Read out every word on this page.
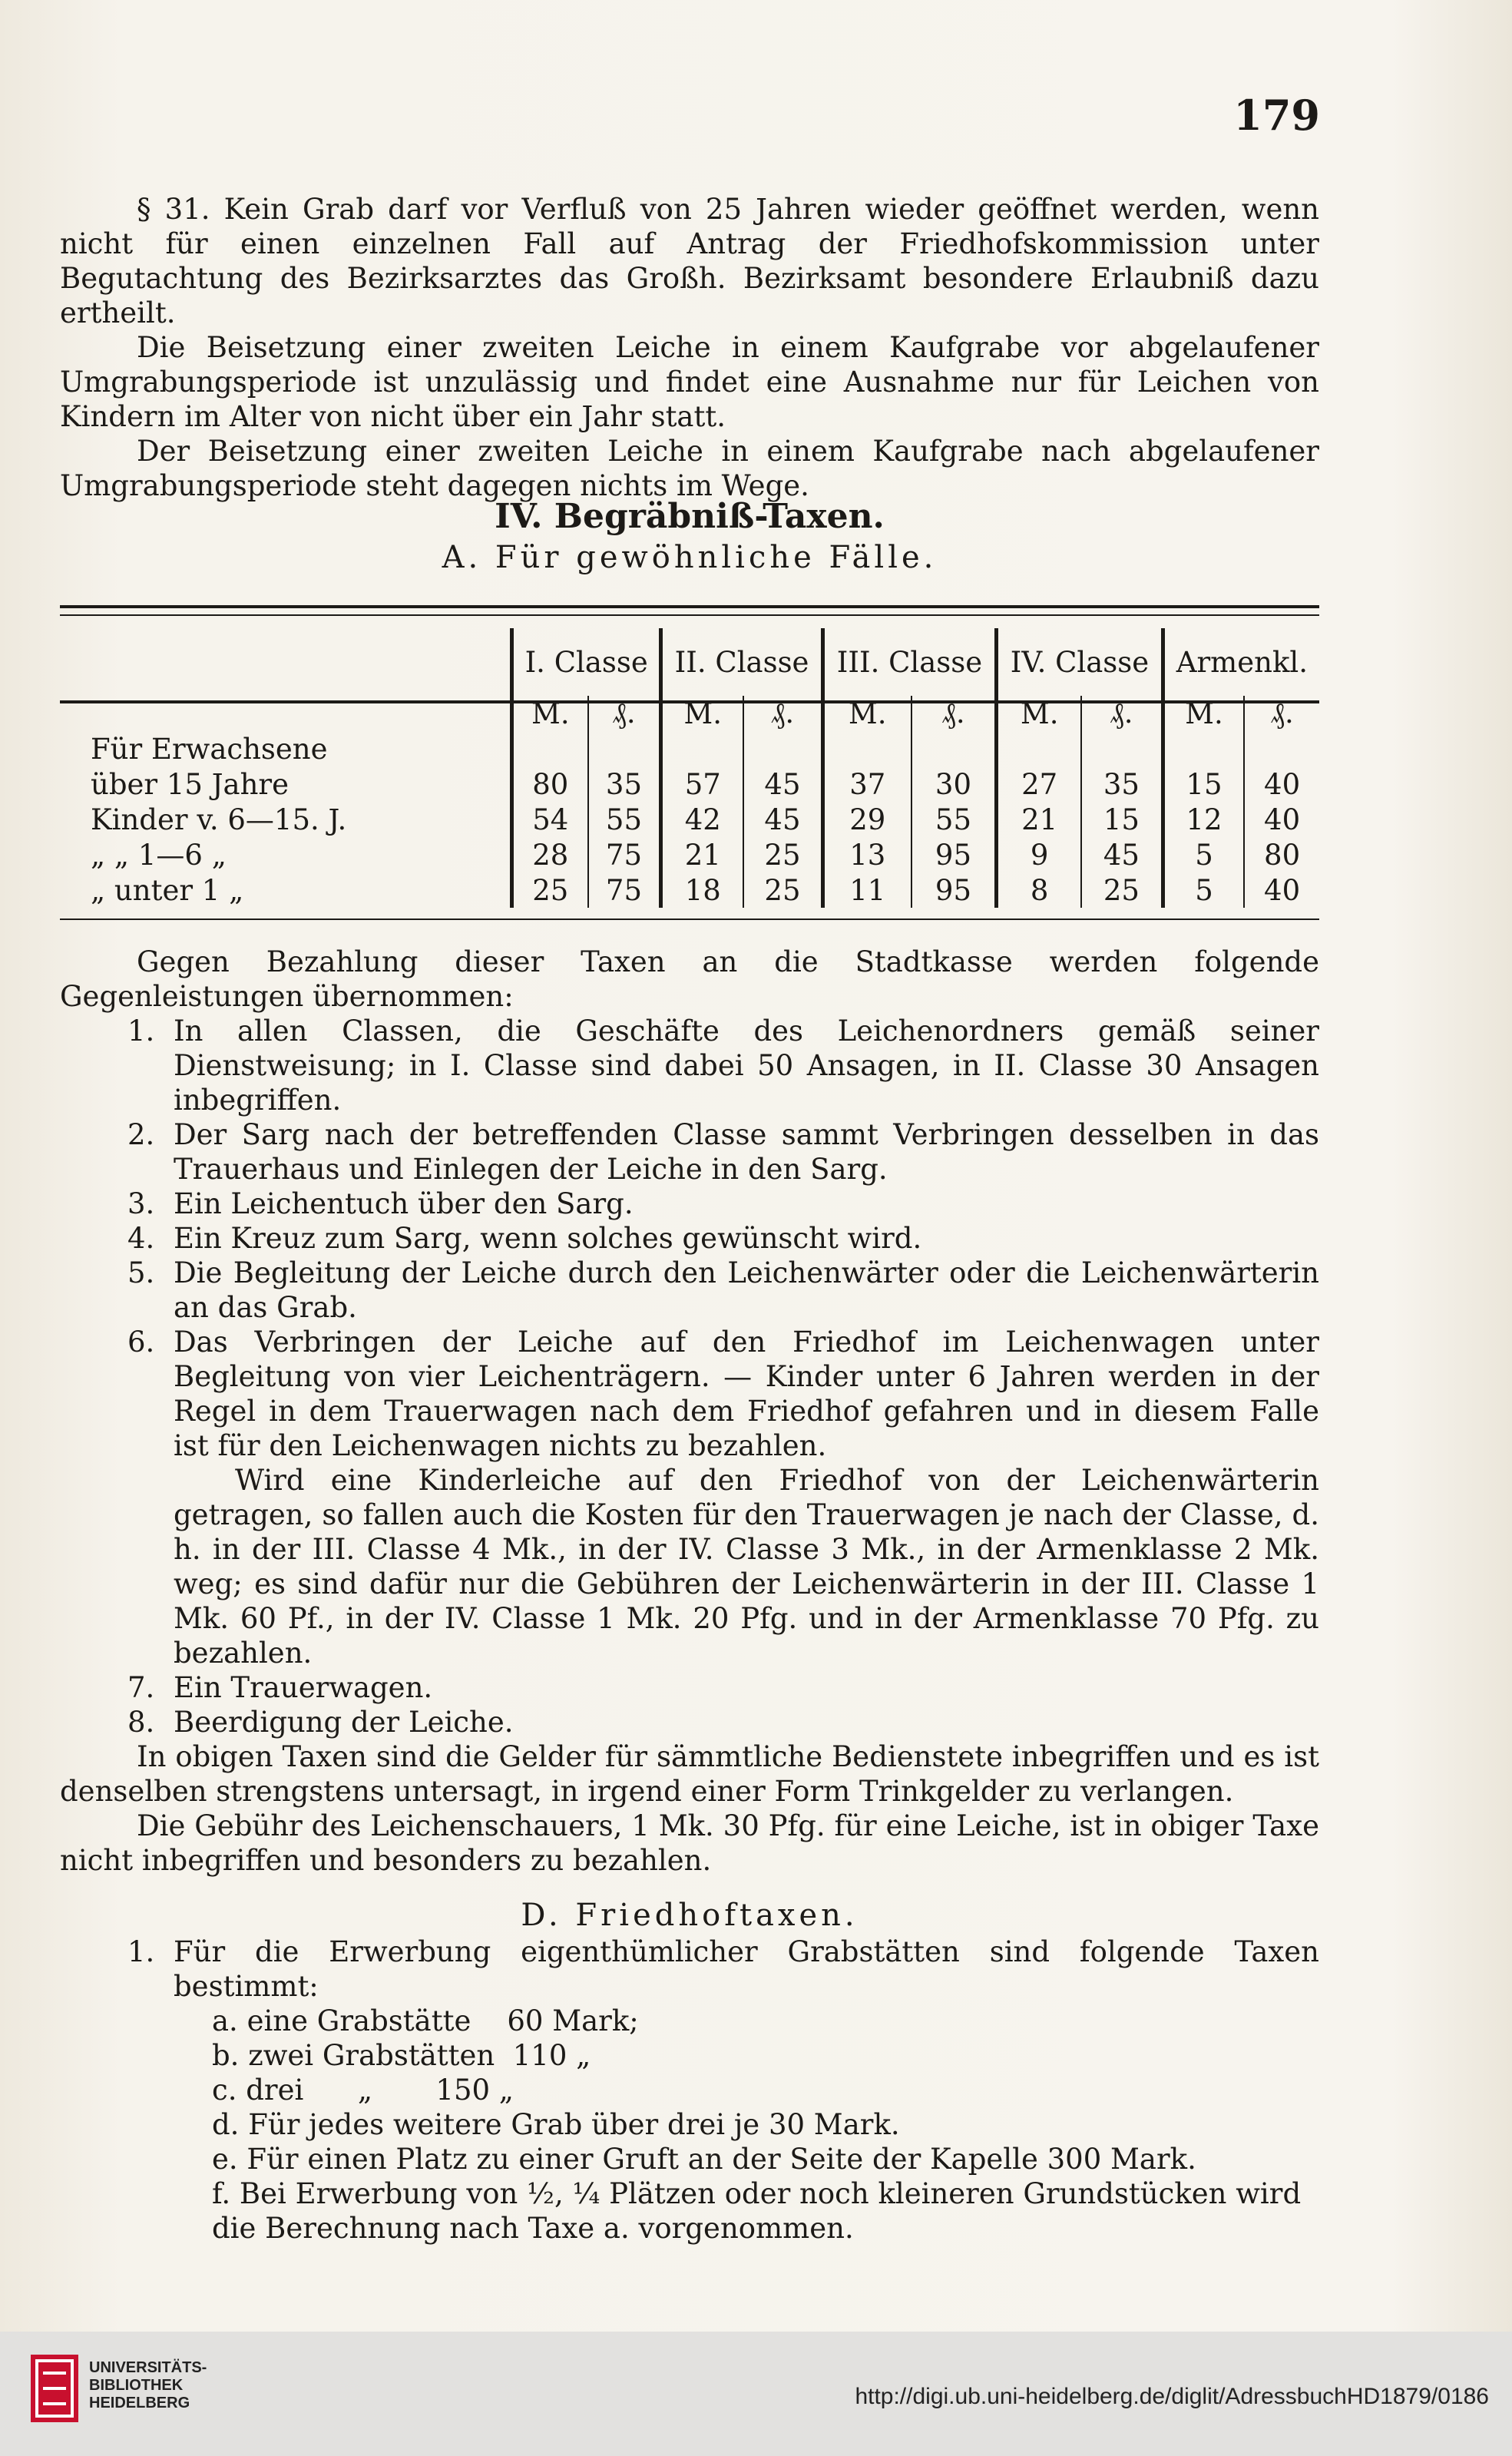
179

§ 31. Kein Grab darf vor Verfluß von 25 Jahren wieder geöffnet werden, wenn nicht für einen einzelnen Fall auf Antrag der Friedhofskommission unter Begutachtung des Bezirksarztes das Großh. Bezirksamt besondere Erlaubniß dazu ertheilt.

Die Beisetzung einer zweiten Leiche in einem Kaufgrabe vor abgelaufener Umgrabungsperiode ist unzulässig und findet eine Ausnahme nur für Leichen von Kindern im Alter von nicht über ein Jahr statt.

Der Beisetzung einer zweiten Leiche in einem Kaufgrabe nach abgelaufener Umgrabungsperiode steht dagegen nichts im Wege.

IV. Begräbniß-Taxen.
A. Für gewöhnliche Fälle.
	I. Classe		II. Classe		III. Classe		IV. Classe		Armenkl.	
	M.	₰.	M.	₰.	M.	₰.	M.	₰.	M.	₰.
Für Erwachsene										
über 15 Jahre	80	35	57	45	37	30	27	35	15	40
Kinder v. 6—15. J.	54	55	42	45	29	55	21	15	12	40
„ „ 1—6 „	28	75	21	25	13	95	9	45	5	80
„ unter 1 „	25	75	18	25	11	95	8	25	5	40

Gegen Bezahlung dieser Taxen an die Stadtkasse werden folgende Gegenleistungen übernommen:

1. In allen Classen, die Geschäfte des Leichenordners gemäß seiner Dienstweisung; in I. Classe sind dabei 50 Ansagen, in II. Classe 30 Ansagen inbegriffen.

2. Der Sarg nach der betreffenden Classe sammt Verbringen desselben in das Trauerhaus und Einlegen der Leiche in den Sarg.

3. Ein Leichentuch über den Sarg.

4. Ein Kreuz zum Sarg, wenn solches gewünscht wird.

5. Die Begleitung der Leiche durch den Leichenwärter oder die Leichenwärterin an das Grab.

6. Das Verbringen der Leiche auf den Friedhof im Leichenwagen unter Begleitung von vier Leichenträgern. — Kinder unter 6 Jahren werden in der Regel in dem Trauerwagen nach dem Friedhof gefahren und in diesem Falle ist für den Leichenwagen nichts zu bezahlen.

Wird eine Kinderleiche auf den Friedhof von der Leichenwärterin getragen, so fallen auch die Kosten für den Trauerwagen je nach der Classe, d. h. in der III. Classe 4 Mk., in der IV. Classe 3 Mk., in der Armenklasse 2 Mk. weg; es sind dafür nur die Gebühren der Leichenwärterin in der III. Classe 1 Mk. 60 Pf., in der IV. Classe 1 Mk. 20 Pfg. und in der Armenklasse 70 Pfg. zu bezahlen.

7. Ein Trauerwagen.

8. Beerdigung der Leiche.

In obigen Taxen sind die Gelder für sämmtliche Bedienstete inbegriffen und es ist denselben strengstens untersagt, in irgend einer Form Trinkgelder zu verlangen.

Die Gebühr des Leichenschauers, 1 Mk. 30 Pfg. für eine Leiche, ist in obiger Taxe nicht inbegriffen und besonders zu bezahlen.

D. Friedhoftaxen.

1. Für die Erwerbung eigenthümlicher Grabstätten sind folgende Taxen bestimmt:

a. eine Grabstätte    60 Mark;
b. zwei Grabstätten  110 „
c. drei      „       150 „
d. Für jedes weitere Grab über drei je 30 Mark.
e. Für einen Platz zu einer Gruft an der Seite der Kapelle 300 Mark.
f. Bei Erwerbung von ½, ¼ Plätzen oder noch kleineren Grundstücken wird die Berechnung nach Taxe a. vorgenommen.
UNIVERSITÄTS-
BIBLIOTHEK
HEIDELBERG	http://digi.ub.uni-heidelberg.de/diglit/AdressbuchHD1879/0186
